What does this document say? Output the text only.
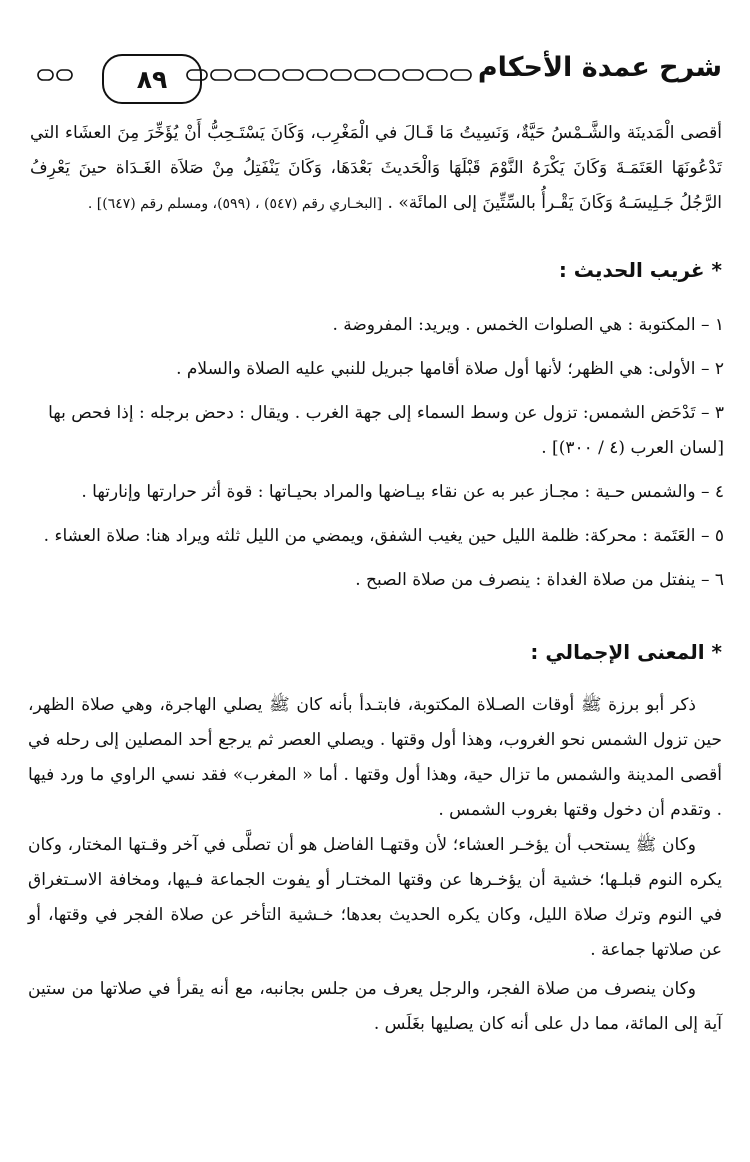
شرح عمدة الأحكام
٨٩
أقصى الْمَدينَة والشَّـمْسُ حَيَّةٌ، وَنَسِيتُ مَا قَـالَ في الْمَغْرِب، وَكَانَ يَسْتَـحِبُّ أَنْ يُؤَخِّرَ مِنَ العشَاء التي تَدْعُونَهَا العَتَمَـةَ وَكَانَ يَكْرَهُ النَّوْمَ قَبْلَهَا وَالْحَديثَ بَعْدَهَا، وَكَانَ يَنْفَتِلُ مِنْ صَلاَة الغَـدَاة حينَ يَعْرِفُ الرَّجُلُ جَـلِيسَـهُ وَكَانَ يَقْـرأُ بالسِّتِّينَ إلى المائَة» . [البخـاري رقم (٥٤٧) ، (٥٩٩)، ومسلم رقم (٦٤٧)] .
* غريب الحديث :
١ – المكتوبة : هي الصلوات الخمس . ويريد: المفروضة .
٢ – الأولى: هي الظهر؛ لأنها أول صلاة أقامها جبريل للنبي عليه الصلاة والسلام .
٣ – تَدْحَض الشمس: تزول عن وسط السماء إلى جهة الغرب . ويقال : دحض برجله : إذا فحص بها [لسان العرب (٤ / ٣٠٠)] .
٤ – والشمس حـية : مجـاز عبر به عن نقاء بيـاضها والمراد بحيـاتها : قوة أثر حرارتها وإنارتها .
٥ – العَتَمة : محركة: ظلمة الليل حين يغيب الشفق، ويمضي من الليل ثلثه ويراد هنا: صلاة العشاء .
٦ – ينفتل من صلاة الغداة : ينصرف من صلاة الصبح .
* المعنى الإجمالي :
ذكر أبو برزة ﷺ أوقات الصـلاة المكتوبة، فابتـدأ بأنه كان ﷺ يصلي الهاجرة، وهي صلاة الظهر، حين تزول الشمس نحو الغروب، وهذا أول وقتها . ويصلي العصر ثم يرجع أحد المصلين إلى رحله في أقصى المدينة والشمس ما تزال حية، وهذا أول وقتها . أما « المغرب» فقد نسي الراوي ما ورد فيها . وتقدم أن دخول وقتها بغروب الشمس .
وكان ﷺ يستحب أن يؤخـر العشاء؛ لأن وقتهـا الفاضل هو أن تصلَّى في آخر وقـتها المختار، وكان يكره النوم قبلـها؛ خشية أن يؤخـرها عن وقتها المختـار أو يفوت الجماعة فـيها، ومخافة الاسـتغراق في النوم وترك صلاة الليل، وكان يكره الحديث بعدها؛ خـشية التأخر عن صلاة الفجر في وقتها، أو عن صلاتها جماعة .
وكان ينصرف من صلاة الفجر، والرجل يعرف من جلس بجانبه، مع أنه يقرأ في صلاتها من ستين آية إلى المائة، مما دل على أنه كان يصليها بغَلَس .
